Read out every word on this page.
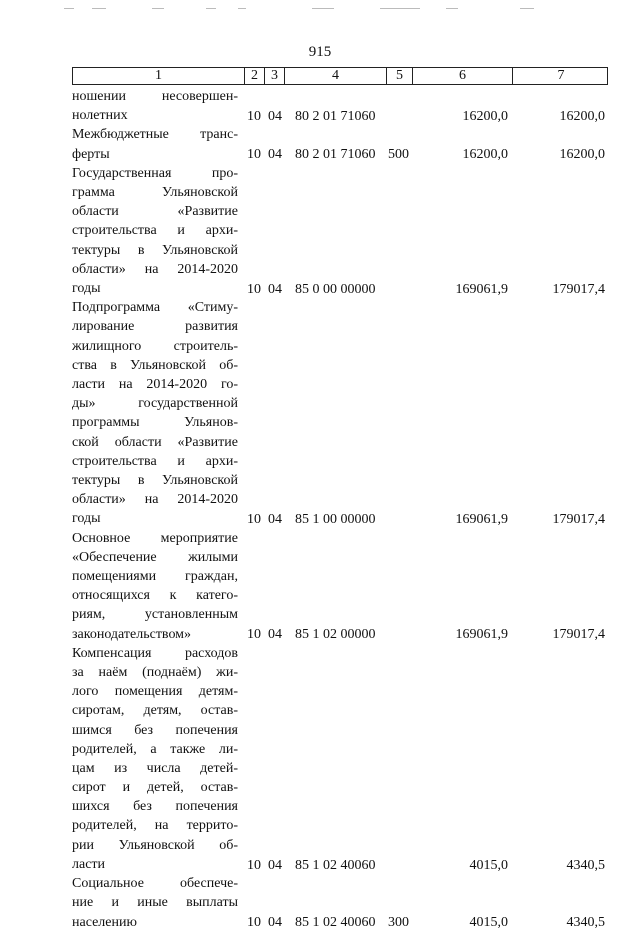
915
1	2 3	4	5	6	7
ношении несовершен-
нолетних	10 04 80 2 01 71060	16200,0	16200,0
Межбюджетные транс-
ферты	10 04 80 2 01 71060 500	16200,0	16200,0
Государственная про-
грамма Ульяновской
области «Развитие
строительства и архи-
тектуры в Ульяновской
области» на 2014-2020
годы	10 04 85 0 00 00000	169061,9	179017,4
Подпрограмма «Стиму-
лирование развития
жилищного строитель-
ства в Ульяновской об-
ласти на 2014-2020 го-
ды» государственной
программы Ульянов-
ской области «Развитие
строительства и архи-
тектуры в Ульяновской
области» на 2014-2020
годы	10 04 85 1 00 00000	169061,9	179017,4
Основное мероприятие
«Обеспечение жилыми
помещениями граждан,
относящихся к катего-
риям, установленным
законодательством»	10 04 85 1 02 00000	169061,9	179017,4
Компенсация расходов
за наём (поднаём) жи-
лого помещения детям-
сиротам, детям, остав-
шимся без попечения
родителей, а также ли-
цам из числа детей-
сирот и детей, остав-
шихся без попечения
родителей, на террито-
рии Ульяновской об-
ласти	10 04 85 1 02 40060	4015,0	4340,5
Социальное обеспече-
ние и иные выплаты
населению	10 04 85 1 02 40060 300	4015,0	4340,5
